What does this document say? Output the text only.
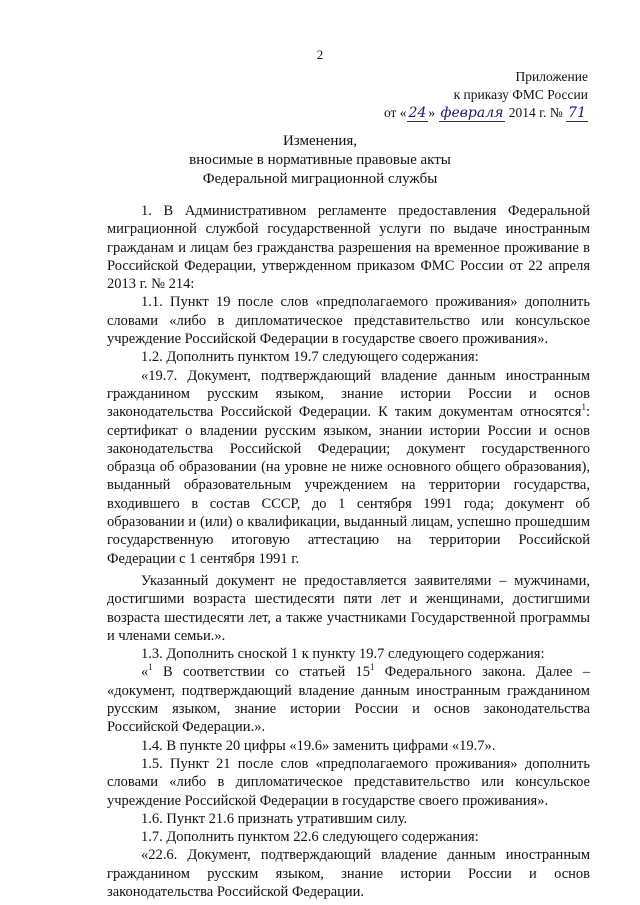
2
Приложение
к приказу ФМС России
от « 24 » февраля 2014 г. № 71
Изменения,
вносимые в нормативные правовые акты
Федеральной миграционной службы

1. В Административном регламенте предоставления Федеральной миграционной службой государственной услуги по выдаче иностранным гражданам и лицам без гражданства разрешения на временное проживание в Российской Федерации, утвержденном приказом ФМС России от 22 апреля 2013 г. № 214:

1.1. Пункт 19 после слов «предполагаемого проживания» дополнить словами «либо в дипломатическое представительство или консульское учреждение Российской Федерации в государстве своего проживания».

1.2. Дополнить пунктом 19.7 следующего содержания:

«19.7. Документ, подтверждающий владение данным иностранным гражданином русским языком, знание истории России и основ законодательства Российской Федерации. К таким документам относятся$^1$: сертификат о владении русским языком, знании истории России и основ законодательства Российской Федерации; документ государственного образца об образовании (на уровне не ниже основного общего образования), выданный образовательным учреждением на территории государства, входившего в состав СССР, до 1 сентября 1991 года; документ об образовании и (или) о квалификации, выданный лицам, успешно прошедшим государственную итоговую аттестацию на территории Российской Федерации с 1 сентября 1991 г.

Указанный документ не предоставляется заявителями – мужчинами, достигшими возраста шестидесяти пяти лет и женщинами, достигшими возраста шестидесяти лет, а также участниками Государственной программы и членами семьи.».

1.3. Дополнить сноской 1 к пункту 19.7 следующего содержания:

«$^1$ В соответствии со статьей $15^1$ Федерального закона. Далее – «документ, подтверждающий владение данным иностранным гражданином русским языком, знание истории России и основ законодательства Российской Федерации.».

1.4. В пункте 20 цифры «19.6» заменить цифрами «19.7».

1.5. Пункт 21 после слов «предполагаемого проживания» дополнить словами «либо в дипломатическое представительство или консульское учреждение Российской Федерации в государстве своего проживания».

1.6. Пункт 21.6 признать утратившим силу.

1.7. Дополнить пунктом 22.6 следующего содержания:

«22.6. Документ, подтверждающий владение данным иностранным гражданином русским языком, знание истории России и основ законодательства Российской Федерации.
